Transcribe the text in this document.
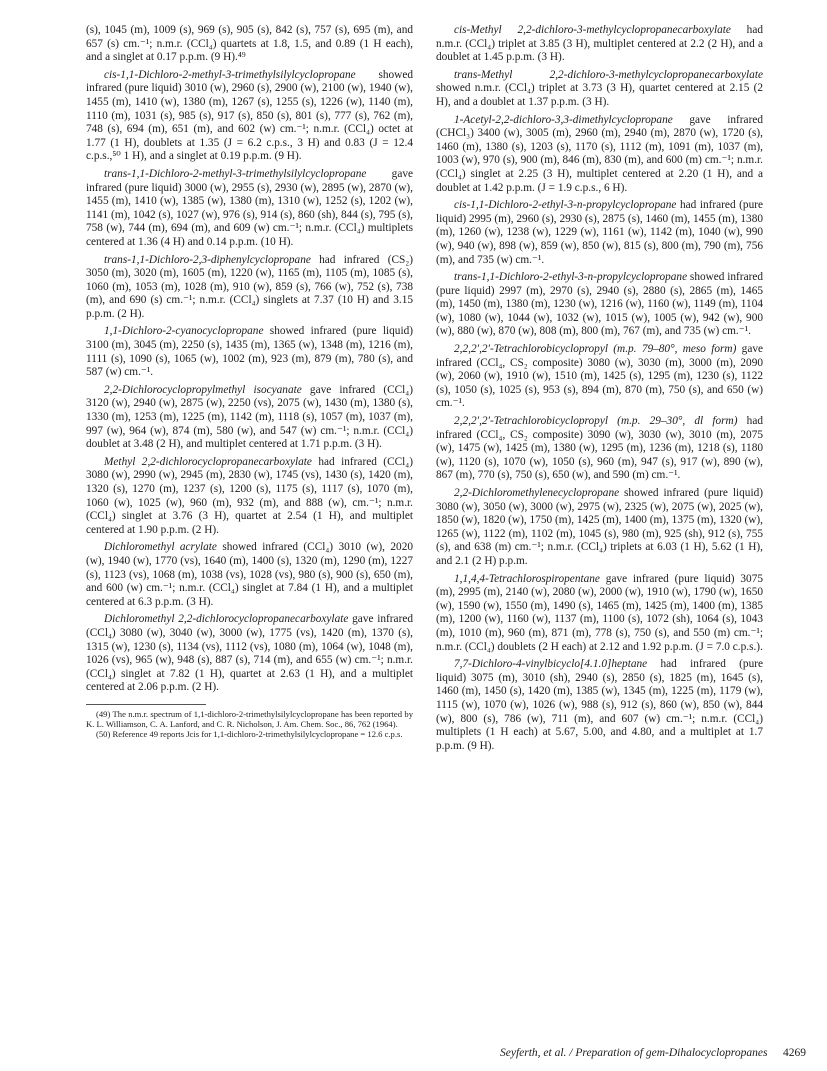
(s), 1045 (m), 1009 (s), 969 (s), 905 (s), 842 (s), 757 (s), 695 (m), and 657 (s) cm.⁻¹; n.m.r. (CCl₄) quartets at 1.8, 1.5, and 0.89 (1 H each), and a singlet at 0.17 p.p.m. (9 H).⁴⁹

cis-1,1-Dichloro-2-methyl-3-trimethylsilylcyclopropane showed infrared (pure liquid) 3010 (w), 2960 (s), 2900 (w), 2100 (w), 1940 (w), 1455 (m), 1410 (w), 1380 (m), 1267 (s), 1255 (s), 1226 (w), 1140 (m), 1110 (m), 1031 (s), 985 (s), 917 (s), 850 (s), 801 (s), 777 (s), 762 (m), 748 (s), 694 (m), 651 (m), and 602 (w) cm.⁻¹; n.m.r. (CCl₄) octet at 1.77 (1 H), doublets at 1.35 (J = 6.2 c.p.s., 3 H) and 0.83 (J = 12.4 c.p.s.,⁵⁰ 1 H), and a singlet at 0.19 p.p.m. (9 H).

trans-1,1-Dichloro-2-methyl-3-trimethylsilylcyclopropane gave infrared (pure liquid) 3000 (w), 2955 (s), 2930 (w), 2895 (w), 2870 (w), 1455 (m), 1410 (w), 1385 (w), 1380 (m), 1310 (w), 1252 (s), 1202 (w), 1141 (m), 1042 (s), 1027 (w), 976 (s), 914 (s), 860 (sh), 844 (s), 795 (s), 758 (w), 744 (m), 694 (m), and 609 (w) cm.⁻¹; n.m.r. (CCl₄) multiplets centered at 1.36 (4 H) and 0.14 p.p.m. (10 H).

trans-1,1-Dichloro-2,3-diphenylcyclopropane had infrared (CS₂) 3050 (m), 3020 (m), 1605 (m), 1220 (w), 1165 (m), 1105 (m), 1085 (s), 1060 (m), 1053 (m), 1028 (m), 910 (w), 859 (s), 766 (w), 752 (s), 738 (m), and 690 (s) cm.⁻¹; n.m.r. (CCl₄) singlets at 7.37 (10 H) and 3.15 p.p.m. (2 H).

1,1-Dichloro-2-cyanocyclopropane showed infrared (pure liquid) 3100 (m), 3045 (m), 2250 (s), 1435 (m), 1365 (w), 1348 (m), 1216 (m), 1111 (s), 1090 (s), 1065 (w), 1002 (m), 923 (m), 879 (m), 780 (s), and 587 (w) cm.⁻¹.

2,2-Dichlorocyclopropylmethyl isocyanate gave infrared (CCl₄) 3120 (w), 2940 (w), 2875 (w), 2250 (vs), 2075 (w), 1430 (m), 1380 (s), 1330 (m), 1253 (m), 1225 (m), 1142 (m), 1118 (s), 1057 (m), 1037 (m), 997 (w), 964 (w), 874 (m), 580 (w), and 547 (w) cm.⁻¹; n.m.r. (CCl₄) doublet at 3.48 (2 H), and multiplet centered at 1.71 p.p.m. (3 H).

Methyl 2,2-dichlorocyclopropanecarboxylate had infrared (CCl₄) 3080 (w), 2990 (w), 2945 (m), 2830 (w), 1745 (vs), 1430 (s), 1420 (m), 1320 (s), 1270 (m), 1237 (s), 1200 (s), 1175 (s), 1117 (s), 1070 (m), 1060 (w), 1025 (w), 960 (m), 932 (m), and 888 (w), cm.⁻¹; n.m.r. (CCl₄) singlet at 3.76 (3 H), quartet at 2.54 (1 H), and multiplet centered at 1.90 p.p.m. (2 H).

Dichloromethyl acrylate showed infrared (CCl₄) 3010 (w), 2020 (w), 1940 (w), 1770 (vs), 1640 (m), 1400 (s), 1320 (m), 1290 (m), 1227 (s), 1123 (vs), 1068 (m), 1038 (vs), 1028 (vs), 980 (s), 900 (s), 650 (m), and 600 (w) cm.⁻¹; n.m.r. (CCl₄) singlet at 7.84 (1 H), and a multiplet centered at 6.3 p.p.m. (3 H).

Dichloromethyl 2,2-dichlorocyclopropanecarboxylate gave infrared (CCl₄) 3080 (w), 3040 (w), 3000 (w), 1775 (vs), 1420 (m), 1370 (s), 1315 (w), 1230 (s), 1134 (vs), 1112 (vs), 1080 (m), 1064 (w), 1048 (m), 1026 (vs), 965 (w), 948 (s), 887 (s), 714 (m), and 655 (w) cm.⁻¹; n.m.r. (CCl₄) singlet at 7.82 (1 H), quartet at 2.63 (1 H), and a multiplet centered at 2.06 p.p.m. (2 H).

(49) The n.m.r. spectrum of 1,1-dichloro-2-trimethylsilylcyclopropane has been reported by K. L. Williamson, C. A. Lanford, and C. R. Nicholson, J. Am. Chem. Soc., 86, 762 (1964).

(50) Reference 49 reports Jcis for 1,1-dichloro-2-trimethylsilylcyclopropane = 12.6 c.p.s.

cis-Methyl 2,2-dichloro-3-methylcyclopropanecarboxylate had n.m.r. (CCl₄) triplet at 3.85 (3 H), multiplet centered at 2.2 (2 H), and a doublet at 1.45 p.p.m. (3 H).

trans-Methyl 2,2-dichloro-3-methylcyclopropanecarboxylate showed n.m.r. (CCl₄) triplet at 3.73 (3 H), quartet centered at 2.15 (2 H), and a doublet at 1.37 p.p.m. (3 H).

1-Acetyl-2,2-dichloro-3,3-dimethylcyclopropane gave infrared (CHCl₃) 3400 (w), 3005 (m), 2960 (m), 2940 (m), 2870 (w), 1720 (s), 1460 (m), 1380 (s), 1203 (s), 1170 (s), 1112 (m), 1091 (m), 1037 (m), 1003 (w), 970 (s), 900 (m), 846 (m), 830 (m), and 600 (m) cm.⁻¹; n.m.r. (CCl₄) singlet at 2.25 (3 H), multiplet centered at 2.20 (1 H), and a doublet at 1.42 p.p.m. (J = 1.9 c.p.s., 6 H).

cis-1,1-Dichloro-2-ethyl-3-n-propylcyclopropane had infrared (pure liquid) 2995 (m), 2960 (s), 2930 (s), 2875 (s), 1460 (m), 1455 (m), 1380 (m), 1260 (w), 1238 (w), 1229 (w), 1161 (w), 1142 (m), 1040 (w), 990 (w), 940 (w), 898 (w), 859 (w), 850 (w), 815 (s), 800 (m), 790 (m), 756 (m), and 735 (w) cm.⁻¹.

trans-1,1-Dichloro-2-ethyl-3-n-propylcyclopropane showed infrared (pure liquid) 2997 (m), 2970 (s), 2940 (s), 2880 (s), 2865 (m), 1465 (m), 1450 (m), 1380 (m), 1230 (w), 1216 (w), 1160 (w), 1149 (m), 1104 (w), 1080 (w), 1044 (w), 1032 (w), 1015 (w), 1005 (w), 942 (w), 900 (w), 880 (w), 870 (w), 808 (m), 800 (m), 767 (m), and 735 (w) cm.⁻¹.

2,2,2′,2′-Tetrachlorobicyclopropyl (m.p. 79–80°, meso form) gave infrared (CCl₄, CS₂ composite) 3080 (w), 3030 (m), 3000 (m), 2090 (w), 2060 (w), 1910 (w), 1510 (m), 1425 (s), 1295 (m), 1230 (s), 1122 (s), 1050 (s), 1025 (s), 953 (s), 894 (m), 870 (m), 750 (s), and 650 (w) cm.⁻¹.

2,2,2′,2′-Tetrachlorobicyclopropyl (m.p. 29–30°, dl form) had infrared (CCl₄, CS₂ composite) 3090 (w), 3030 (w), 3010 (m), 2075 (w), 1475 (w), 1425 (m), 1380 (w), 1295 (m), 1236 (m), 1218 (s), 1180 (w), 1120 (s), 1070 (w), 1050 (s), 960 (m), 947 (s), 917 (w), 890 (w), 867 (m), 770 (s), 750 (s), 650 (w), and 590 (m) cm.⁻¹.

2,2-Dichloromethylenecyclopropane showed infrared (pure liquid) 3080 (w), 3050 (w), 3000 (w), 2975 (w), 2325 (w), 2075 (w), 2025 (w), 1850 (w), 1820 (w), 1750 (m), 1425 (m), 1400 (m), 1375 (m), 1320 (w), 1265 (w), 1122 (m), 1102 (m), 1045 (s), 980 (m), 925 (sh), 912 (s), 755 (s), and 638 (m) cm.⁻¹; n.m.r. (CCl₄) triplets at 6.03 (1 H), 5.62 (1 H), and 2.1 (2 H) p.p.m.

1,1,4,4-Tetrachlorospiropentane gave infrared (pure liquid) 3075 (m), 2995 (m), 2140 (w), 2080 (w), 2000 (w), 1910 (w), 1790 (w), 1650 (w), 1590 (w), 1550 (m), 1490 (s), 1465 (m), 1425 (m), 1400 (m), 1385 (m), 1200 (w), 1160 (w), 1137 (m), 1100 (s), 1072 (sh), 1064 (s), 1043 (m), 1010 (m), 960 (m), 871 (m), 778 (s), 750 (s), and 550 (m) cm.⁻¹; n.m.r. (CCl₄) doublets (2 H each) at 2.12 and 1.92 p.p.m. (J = 7.0 c.p.s.).

7,7-Dichloro-4-vinylbicyclo[4.1.0]heptane had infrared (pure liquid) 3075 (m), 3010 (sh), 2940 (s), 2850 (s), 1825 (m), 1645 (s), 1460 (m), 1450 (s), 1420 (m), 1385 (w), 1345 (m), 1225 (m), 1179 (w), 1115 (w), 1070 (w), 1026 (w), 988 (s), 912 (s), 860 (w), 850 (w), 844 (w), 800 (s), 786 (w), 711 (m), and 607 (w) cm.⁻¹; n.m.r. (CCl₄) multiplets (1 H each) at 5.67, 5.00, and 4.80, and a multiplet at 1.7 p.p.m. (9 H).

Seyferth, et al. / Preparation of gem-Dihalocyclopropanes	4269
